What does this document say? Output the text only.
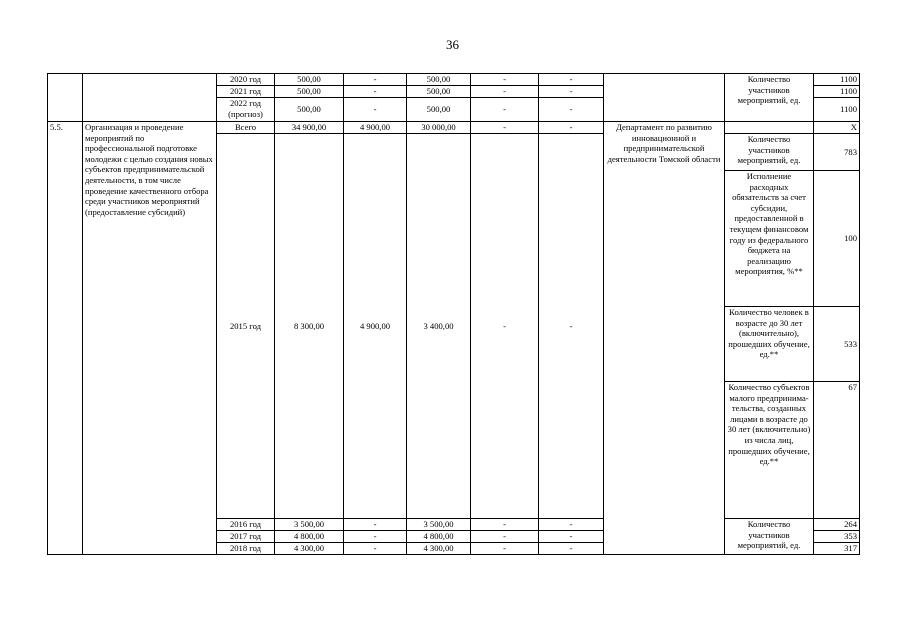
36
		2020 год	500,00	-	500,00	-	-		Количество участников мероприятий, ед.	1100
		2021 год	500,00	-	500,00	-	-			1100
		2022 год (прогноз)	500,00	-	500,00	-	-			1100
5.5.	Организация и проведение мероприятий по профессиональной подготовке молодежи с целью создания новых субъектов предпринимательской деятельности, в том числе проведение качественного отбора среди участников мероприятий (предоставление субсидий)	Всего	34 900,00	4 900,00	30 000,00	-	-	Департамент по развитию инновационной и предпринимательской деятельности Томской области		Х
		2015 год	8 300,00	4 900,00	3 400,00	-	-		Количество участников мероприятий, ед.	783
									Исполнение расходных обязательств за счет субсидии, предоставленной в текущем финансовом году из федерального бюджета на реализацию мероприятия, %**	100
									Количество человек в возрасте до 30 лет (включительно), прошедших обучение, ед.**	533
									Количество субъектов малого предпринима-тельства, созданных лицами в возрасте до 30 лет (включительно) из числа лиц, прошедших обучение, ед.**	67
		2016 год	3 500,00	-	3 500,00	-	-		Количество участников мероприятий, ед.	264
		2017 год	4 800,00	-	4 800,00	-	-			353
		2018 год	4 300,00	-	4 300,00	-	-			317
